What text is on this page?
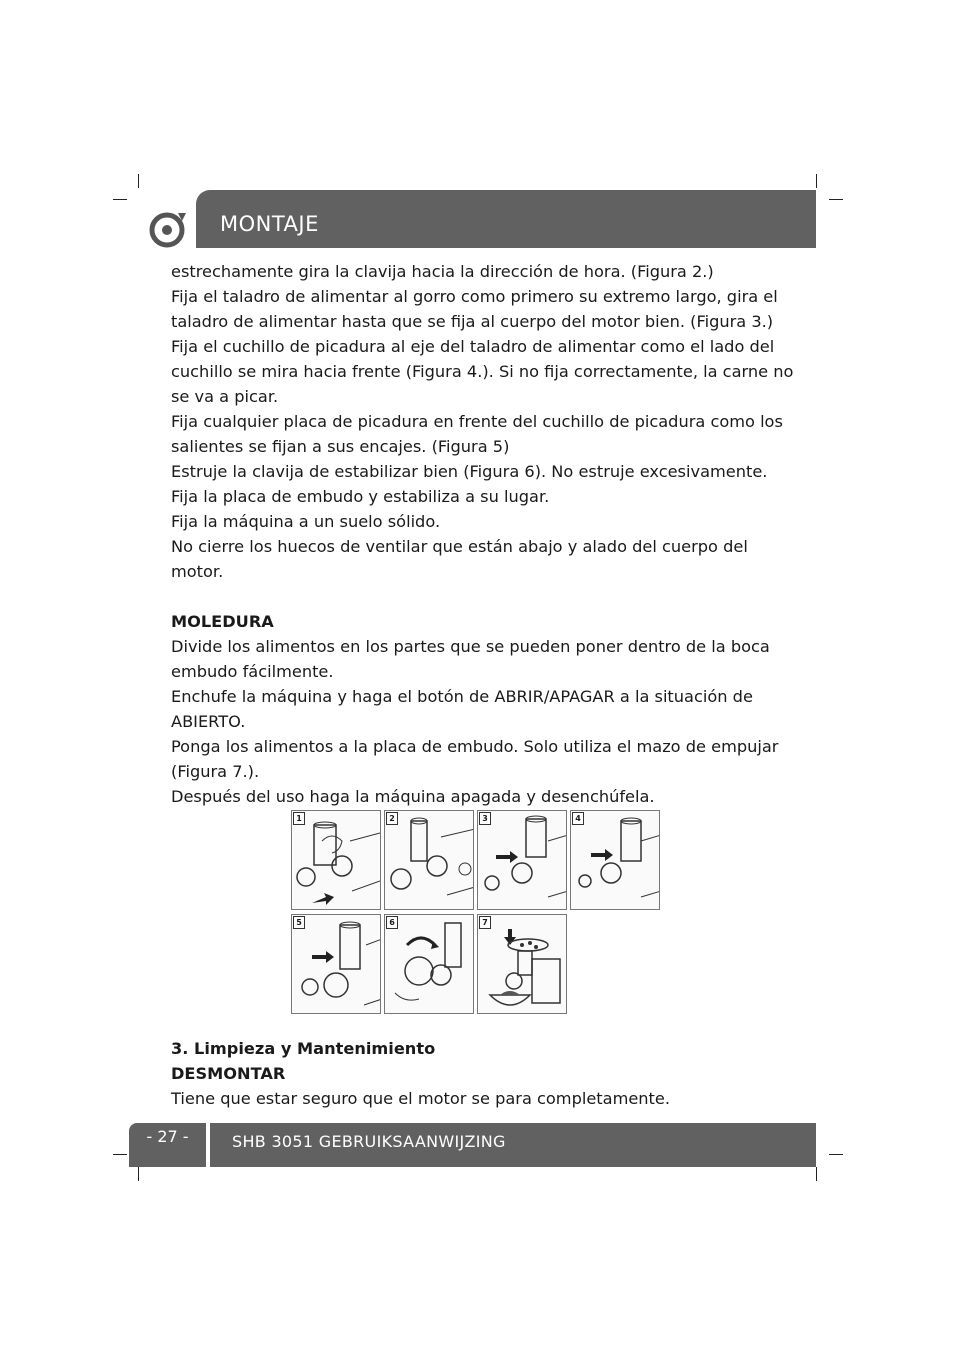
MONTAJE

estrechamente gira la clavija hacia la dirección de hora. (Figura 2.)

Fija el taladro de alimentar al gorro como primero su extremo largo, gira el taladro de alimentar hasta que se fija al cuerpo del motor bien. (Figura 3.)

Fija el cuchillo de picadura al eje del taladro de alimentar como el lado del cuchillo se mira hacia frente (Figura 4.). Si no fija correctamente, la carne no se va a picar.

Fija cualquier placa de picadura en frente del cuchillo de picadura como los salientes se fijan a sus encajes. (Figura 5)

Estruje la clavija de estabilizar bien (Figura 6). No estruje excesivamente.

Fija la placa de embudo y estabiliza a su lugar.

Fija la máquina a un suelo sólido.

No cierre los huecos de ventilar que están abajo y alado del cuerpo del motor.

MOLEDURA

Divide los alimentos en los partes que se pueden poner dentro de la boca embudo fácilmente.

Enchufe la máquina y haga el botón de ABRIR/APAGAR a la situación de ABIERTO.

Ponga los alimentos a la placa de embudo. Solo utiliza el mazo de empujar (Figura 7.).

Después del uso haga la máquina apagada y desenchúfela.

1	2	3	4
5	6	7

3. Limpieza y Mantenimiento

DESMONTAR

Tiene que estar seguro que el motor se para completamente.

- 27 -	SHB 3051 GEBRUIKSAANWIJZING
